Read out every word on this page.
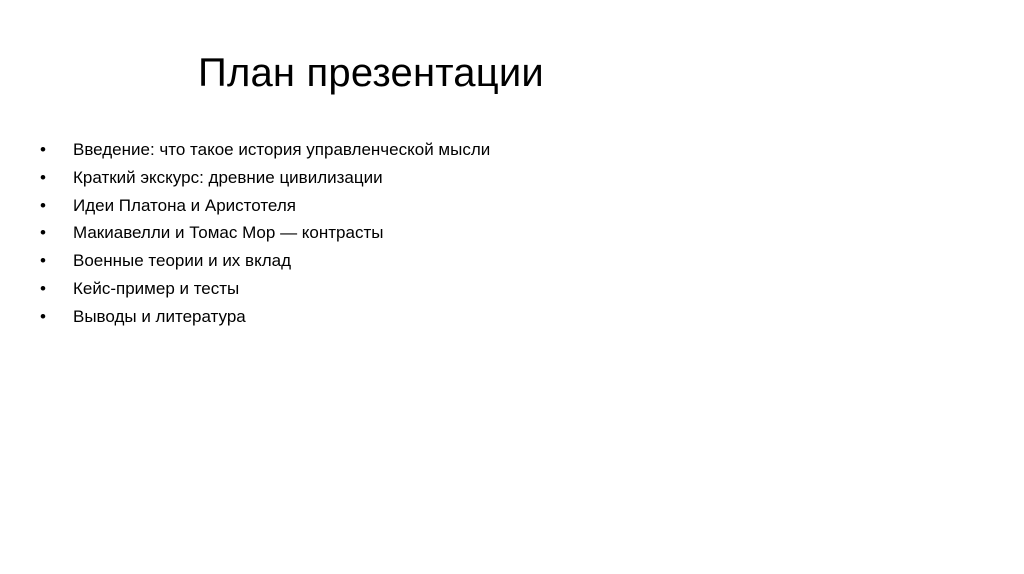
План презентации
•	Введение: что такое история управленческой мысли
•	Краткий экскурс: древние цивилизации
•	Идеи Платона и Аристотеля
•	Макиавелли и Томас Мор — контрасты
•	Военные теории и их вклад
•	Кейс-пример и тесты
•	Выводы и литература
